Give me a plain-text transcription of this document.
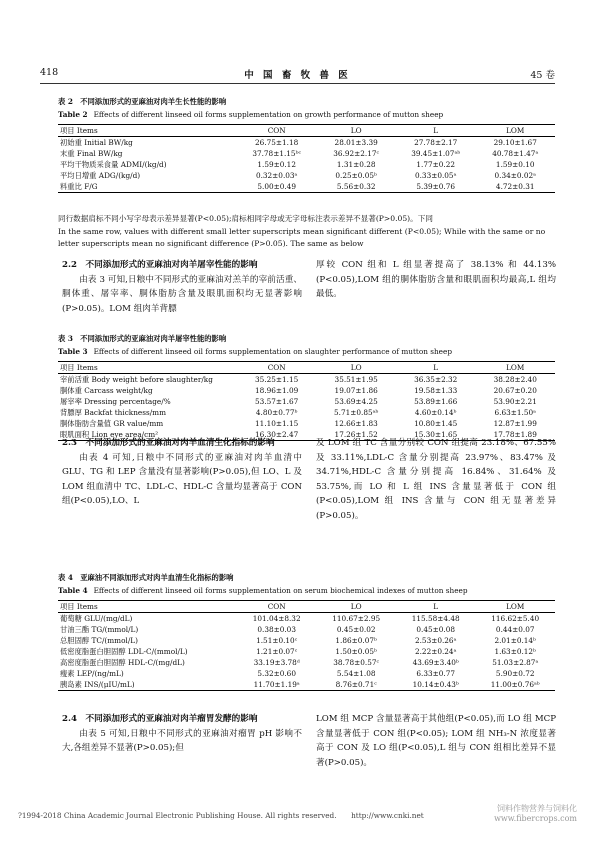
418	中 国 畜 牧 兽 医	45 卷
表 2　不同添加形式的亚麻油对肉羊生长性能的影响
Table 2 Effects of different linseed oil forms supplementation on growth performance of mutton sheep
项目 Items	CON	LO	L	LOM
初始重 Initial BW/kg	26.75±1.18	28.01±3.39	27.78±2.17	29.10±1.67
末重 Final BW/kg	37.78±1.15ᵇᶜ	36.92±2.17ᶜ	39.45±1.07ᵃᵇ	40.78±1.47ᵃ
平均干物质采食量 ADMI/(kg/d)	1.59±0.12	1.31±0.28	1.77±0.22	1.59±0.10
平均日增重 ADG/(kg/d)	0.32±0.03ᵃ	0.25±0.05ᵇ	0.33±0.05ᵃ	0.34±0.02ᵃ
料重比 F/G	5.00±0.49	5.56±0.32	5.39±0.76	4.72±0.31
同行数据肩标不同小写字母表示差异显著(P<0.05);肩标相同字母或无字母标注表示差异不显著(P>0.05)。下同
In the same row, values with different small letter superscripts mean significant different (P<0.05); While with the same or no letter superscripts mean no significant difference (P>0.05). The same as below
2.2　不同添加形式的亚麻油对肉羊屠宰性能的影响

由表 3 可知,日粮中不同形式的亚麻油对羔羊的宰前活重、胴体重、屠宰率、胴体脂肪含量及眼肌面积均无显著影响(P>0.05)。LOM 组肉羊背膘

厚较 CON 组和 L 组显著提高了 38.13% 和 44.13%(P<0.05),LOM 组的胴体脂肪含量和眼肌面积均最高,L 组均最低。
表 3　不同添加形式的亚麻油对肉羊屠宰性能的影响
Table 3 Effects of different linseed oil forms supplementation on slaughter performance of mutton sheep
项目 Items	CON	LO	L	LOM
宰前活重 Body weight before slaughter/kg	35.25±1.15	35.51±1.95	36.35±2.32	38.28±2.40
胴体重 Carcass weight/kg	18.96±1.09	19.07±1.86	19.58±1.33	20.67±0.20
屠宰率 Dressing percentage/%	53.57±1.67	53.69±4.25	53.89±1.66	53.90±2.21
背膘厚 Backfat thickness/mm	4.80±0.77ᵇ	5.71±0.85ᵃᵇ	4.60±0.14ᵇ	6.63±1.50ᵃ
胴体脂肪含量值 GR value/mm	11.10±1.15	12.66±1.83	10.80±1.45	12.87±1.99
眼肌面积 Lion eye area/cm²	16.30±2.47	17.26±1.52	15.30±1.65	17.78±1.89
2.3　不同添加形式的亚麻油对肉羊血清生化指标的影响

由表 4 可知,日粮中不同形式的亚麻油对肉羊血清中 GLU、TG 和 LEP 含量没有显著影响(P>0.05),但 LO、L 及 LOM 组血清中 TC、LDL-C、HDL-C 含量均显著高于 CON 组(P<0.05),LO、L

及 LOM 组 TC 含量分别较 CON 组提高 23.18%、67.55% 及 33.11%,LDL-C 含量分别提高 23.97%、83.47% 及 34.71%,HDL-C 含量分别提高 16.84%、31.64% 及 53.75%,而 LO 和 L 组 INS 含量显著低于 CON 组(P<0.05),LOM 组 INS 含量与 CON 组无显著差异(P>0.05)。
表 4　亚麻油不同添加形式对肉羊血清生化指标的影响
Table 4 Effects of different linseed oil forms supplementation on serum biochemical indexes of mutton sheep
项目 Items	CON	LO	L	LOM
葡萄糖 GLU/(mg/dL)	101.04±8.32	110.67±2.95	115.58±4.48	116.62±5.40
甘油三酯 TG/(mmol/L)	0.38±0.03	0.45±0.02	0.45±0.08	0.44±0.07
总胆固醇 TC/(mmol/L)	1.51±0.10ᶜ	1.86±0.07ᵇ	2.53±0.26ᵃ	2.01±0.14ᵇ
低密度脂蛋白胆固醇 LDL-C/(mmol/L)	1.21±0.07ᶜ	1.50±0.05ᵇ	2.22±0.24ᵃ	1.63±0.12ᵇ
高密度脂蛋白胆固醇 HDL-C/(mg/dL)	33.19±3.78ᵈ	38.78±0.57ᶜ	43.69±3.40ᵇ	51.03±2.87ᵃ
瘦素 LEP/(ng/mL)	5.32±0.60	5.54±1.08	6.33±0.77	5.90±0.72
胰岛素 INS/(μIU/mL)	11.70±1.19ᵃ	8.76±0.71ᶜ	10.14±0.43ᵇ	11.00±0.76ᵃᵇ
2.4　不同添加形式的亚麻油对肉羊瘤胃发酵的影响

由表 5 可知,日粮中不同形式的亚麻油对瘤胃 pH 影响不大,各组差异不显著(P>0.05);但

LOM 组 MCP 含量显著高于其他组(P<0.05),而 LO 组 MCP 含量显著低于 CON 组(P<0.05); LOM 组 NH₃-N 浓度显著高于 CON 及 LO 组(P<0.05),L 组与 CON 组相比差异不显著(P>0.05)。
?1994-2018 China Academic Journal Electronic Publishing House. All rights reserved.　　http://www.cnki.net
饲料作物营养与饲料化
www.fibercrops.com
